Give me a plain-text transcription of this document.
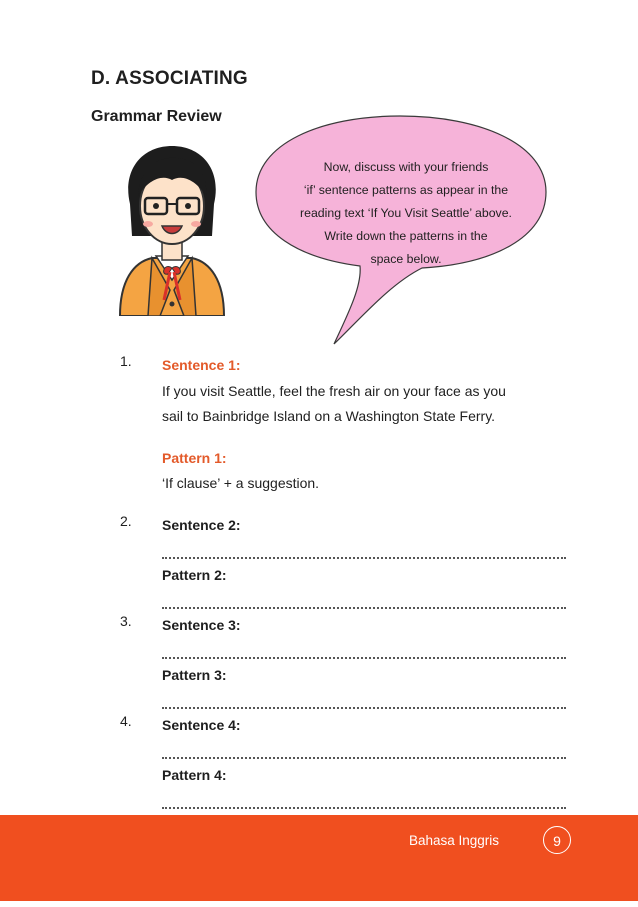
D. ASSOCIATING
Grammar Review
Now, discuss with your friends
‘if’ sentence patterns as appear in the
reading text ‘If You Visit Seattle’ above.
Write down the patterns in the
space below.
1. Sentence 1:
If you visit Seattle, feel the fresh air on your face as you
sail to Bainbridge Island on a Washington State Ferry.
Pattern 1:
‘If clause’ + a suggestion.
2. Sentence 2:
Pattern 2:
3. Sentence 3:
Pattern 3:
4. Sentence 4:
Pattern 4:
Bahasa Inggris	9
